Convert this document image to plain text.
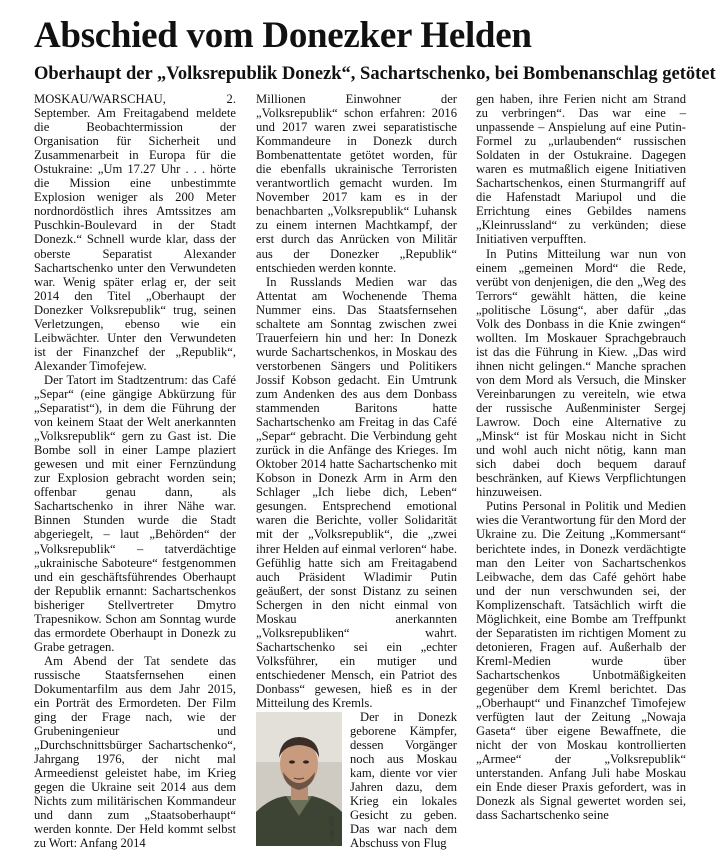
Abschied vom Donezker Helden
Oberhaupt der „Volksrepublik Donezk“, Sachartschenko, bei Bombenanschlag getötet

MOSKAU/WARSCHAU, 2. September. Am Freitagabend meldete die Beobachtermission der Organisation für Sicherheit und Zusammenarbeit in Europa für die Ostukraine: „Um 17.27 Uhr . . . hörte die Mission eine unbestimmte Explosion weniger als 200 Meter nordnordöstlich ihres Amtssitzes am Puschkin-Boulevard in der Stadt Donezk.“ Schnell wurde klar, dass der oberste Separatist Alexander Sachartschenko unter den Verwundeten war. Wenig später erlag er, der seit 2014 den Titel „Oberhaupt der Donezker Volksrepublik“ trug, seinen Verletzungen, ebenso wie ein Leibwächter. Unter den Verwundeten ist der Finanzchef der „Republik“, Alexander Timofejew.

Der Tatort im Stadtzentrum: das Café „Separ“ (eine gängige Abkürzung für „Separatist“), in dem die Führung der von keinem Staat der Welt anerkannten „Volksrepublik“ gern zu Gast ist. Die Bombe soll in einer Lampe plaziert gewesen und mit einer Fernzündung zur Explosion gebracht worden sein; offenbar genau dann, als Sachartschenko in ihrer Nähe war. Binnen Stunden wurde die Stadt abgeriegelt, – laut „Behörden“ der „Volksrepublik“ – tatverdächtige „ukrainische Saboteure“ festgenommen und ein geschäftsführendes Oberhaupt der Republik ernannt: Sachartschenkos bisheriger Stellvertreter Dmytro Trapesnikow. Schon am Sonntag wurde das ermordete Oberhaupt in Donezk zu Grabe getragen.

Am Abend der Tat sendete das russische Staatsfernsehen einen Dokumentarfilm aus dem Jahr 2015, ein Porträt des Ermordeten. Der Film ging der Frage nach, wie der Grubeningenieur und „Durchschnittsbürger Sachartschenko“, Jahrgang 1976, der nicht mal Armeedienst geleistet habe, im Krieg gegen die Ukraine seit 2014 aus dem Nichts zum militärischen Kommandeur und dann zum „Staatsoberhaupt“ werden konnte. Der Held kommt selbst zu Wort: Anfang 2014

Millionen Einwohner der „Volksrepublik“ schon erfahren: 2016 und 2017 waren zwei separatistische Kommandeure in Donezk durch Bombenattentate getötet worden, für die ebenfalls ukrainische Terroristen verantwortlich gemacht wurden. Im November 2017 kam es in der benachbarten „Volksrepublik“ Luhansk zu einem internen Machtkampf, der erst durch das Anrücken von Militär aus der Donezker „Republik“ entschieden werden konnte.

In Russlands Medien war das Attentat am Wochenende Thema Nummer eins. Das Staatsfernsehen schaltete am Sonntag zwischen zwei Trauerfeiern hin und her: In Donezk wurde Sachartschenkos, in Moskau des verstorbenen Sängers und Politikers Jossif Kobson gedacht. Ein Umtrunk zum Andenken des aus dem Donbass stammenden Baritons hatte Sachartschenko am Freitag in das Café „Separ“ gebracht. Die Verbindung geht zurück in die Anfänge des Krieges. Im Oktober 2014 hatte Sachartschenko mit Kobson in Donezk Arm in Arm den Schlager „Ich liebe dich, Leben“ gesungen. Entsprechend emotional waren die Berichte, voller Solidarität mit der „Volksrepublik“, die „zwei ihrer Helden auf einmal verloren“ habe. Gefühlig hatte sich am Freitagabend auch Präsident Wladimir Putin geäußert, der sonst Distanz zu seinen Schergen in den nicht einmal von Moskau anerkannten „Volksrepubliken“ wahrt. Sachartschenko sei ein „echter Volksführer, ein mutiger und entschiedener Mensch, ein Patriot des Donbass“ gewesen, hieß es in der Mitteilung des Kremls.

Foto: AFP

Der in Donezk geborene Kämpfer, dessen Vorgänger noch aus Moskau kam, diente vor vier Jahren dazu, dem Krieg ein lokales Gesicht zu geben. Das war nach dem Abschuss von Flug

gen haben, ihre Ferien nicht am Strand zu verbringen“. Das war eine – unpassende – Anspielung auf eine Putin-Formel zu „urlaubenden“ russischen Soldaten in der Ostukraine. Dagegen waren es mutmaßlich eigene Initiativen Sachartschenkos, einen Sturmangriff auf die Hafenstadt Mariupol und die Errichtung eines Gebildes namens „Kleinrussland“ zu verkünden; diese Initiativen verpufften.

In Putins Mitteilung war nun von einem „gemeinen Mord“ die Rede, verübt von denjenigen, die den „Weg des Terrors“ gewählt hätten, die keine „politische Lösung“, aber dafür „das Volk des Donbass in die Knie zwingen“ wollten. Im Moskauer Sprachgebrauch ist das die Führung in Kiew. „Das wird ihnen nicht gelingen.“ Manche sprachen von dem Mord als Versuch, die Minsker Vereinbarungen zu vereiteln, wie etwa der russische Außenminister Sergej Lawrow. Doch eine Alternative zu „Minsk“ ist für Moskau nicht in Sicht und wohl auch nicht nötig, kann man sich dabei doch bequem darauf beschränken, auf Kiews Verpflichtungen hinzuweisen.

Putins Personal in Politik und Medien wies die Verantwortung für den Mord der Ukraine zu. Die Zeitung „Kommersant“ berichtete indes, in Donezk verdächtigte man den Leiter von Sachartschenkos Leibwache, dem das Café gehört habe und der nun verschwunden sei, der Komplizenschaft. Tatsächlich wirft die Möglichkeit, eine Bombe am Treffpunkt der Separatisten im richtigen Moment zu detonieren, Fragen auf. Außerhalb der Kreml-Medien wurde über Sachartschenkos Unbotmäßigkeiten gegenüber dem Kreml berichtet. Das „Oberhaupt“ und Finanzchef Timofejew verfügten laut der Zeitung „Nowaja Gaseta“ über eigene Bewaffnete, die nicht der von Moskau kontrollierten „Armee“ der „Volksrepublik“ unterstanden. Anfang Juli habe Moskau ein Ende dieser Praxis gefordert, was in Donezk als Signal gewertet worden sei, dass Sachartschenko seine
